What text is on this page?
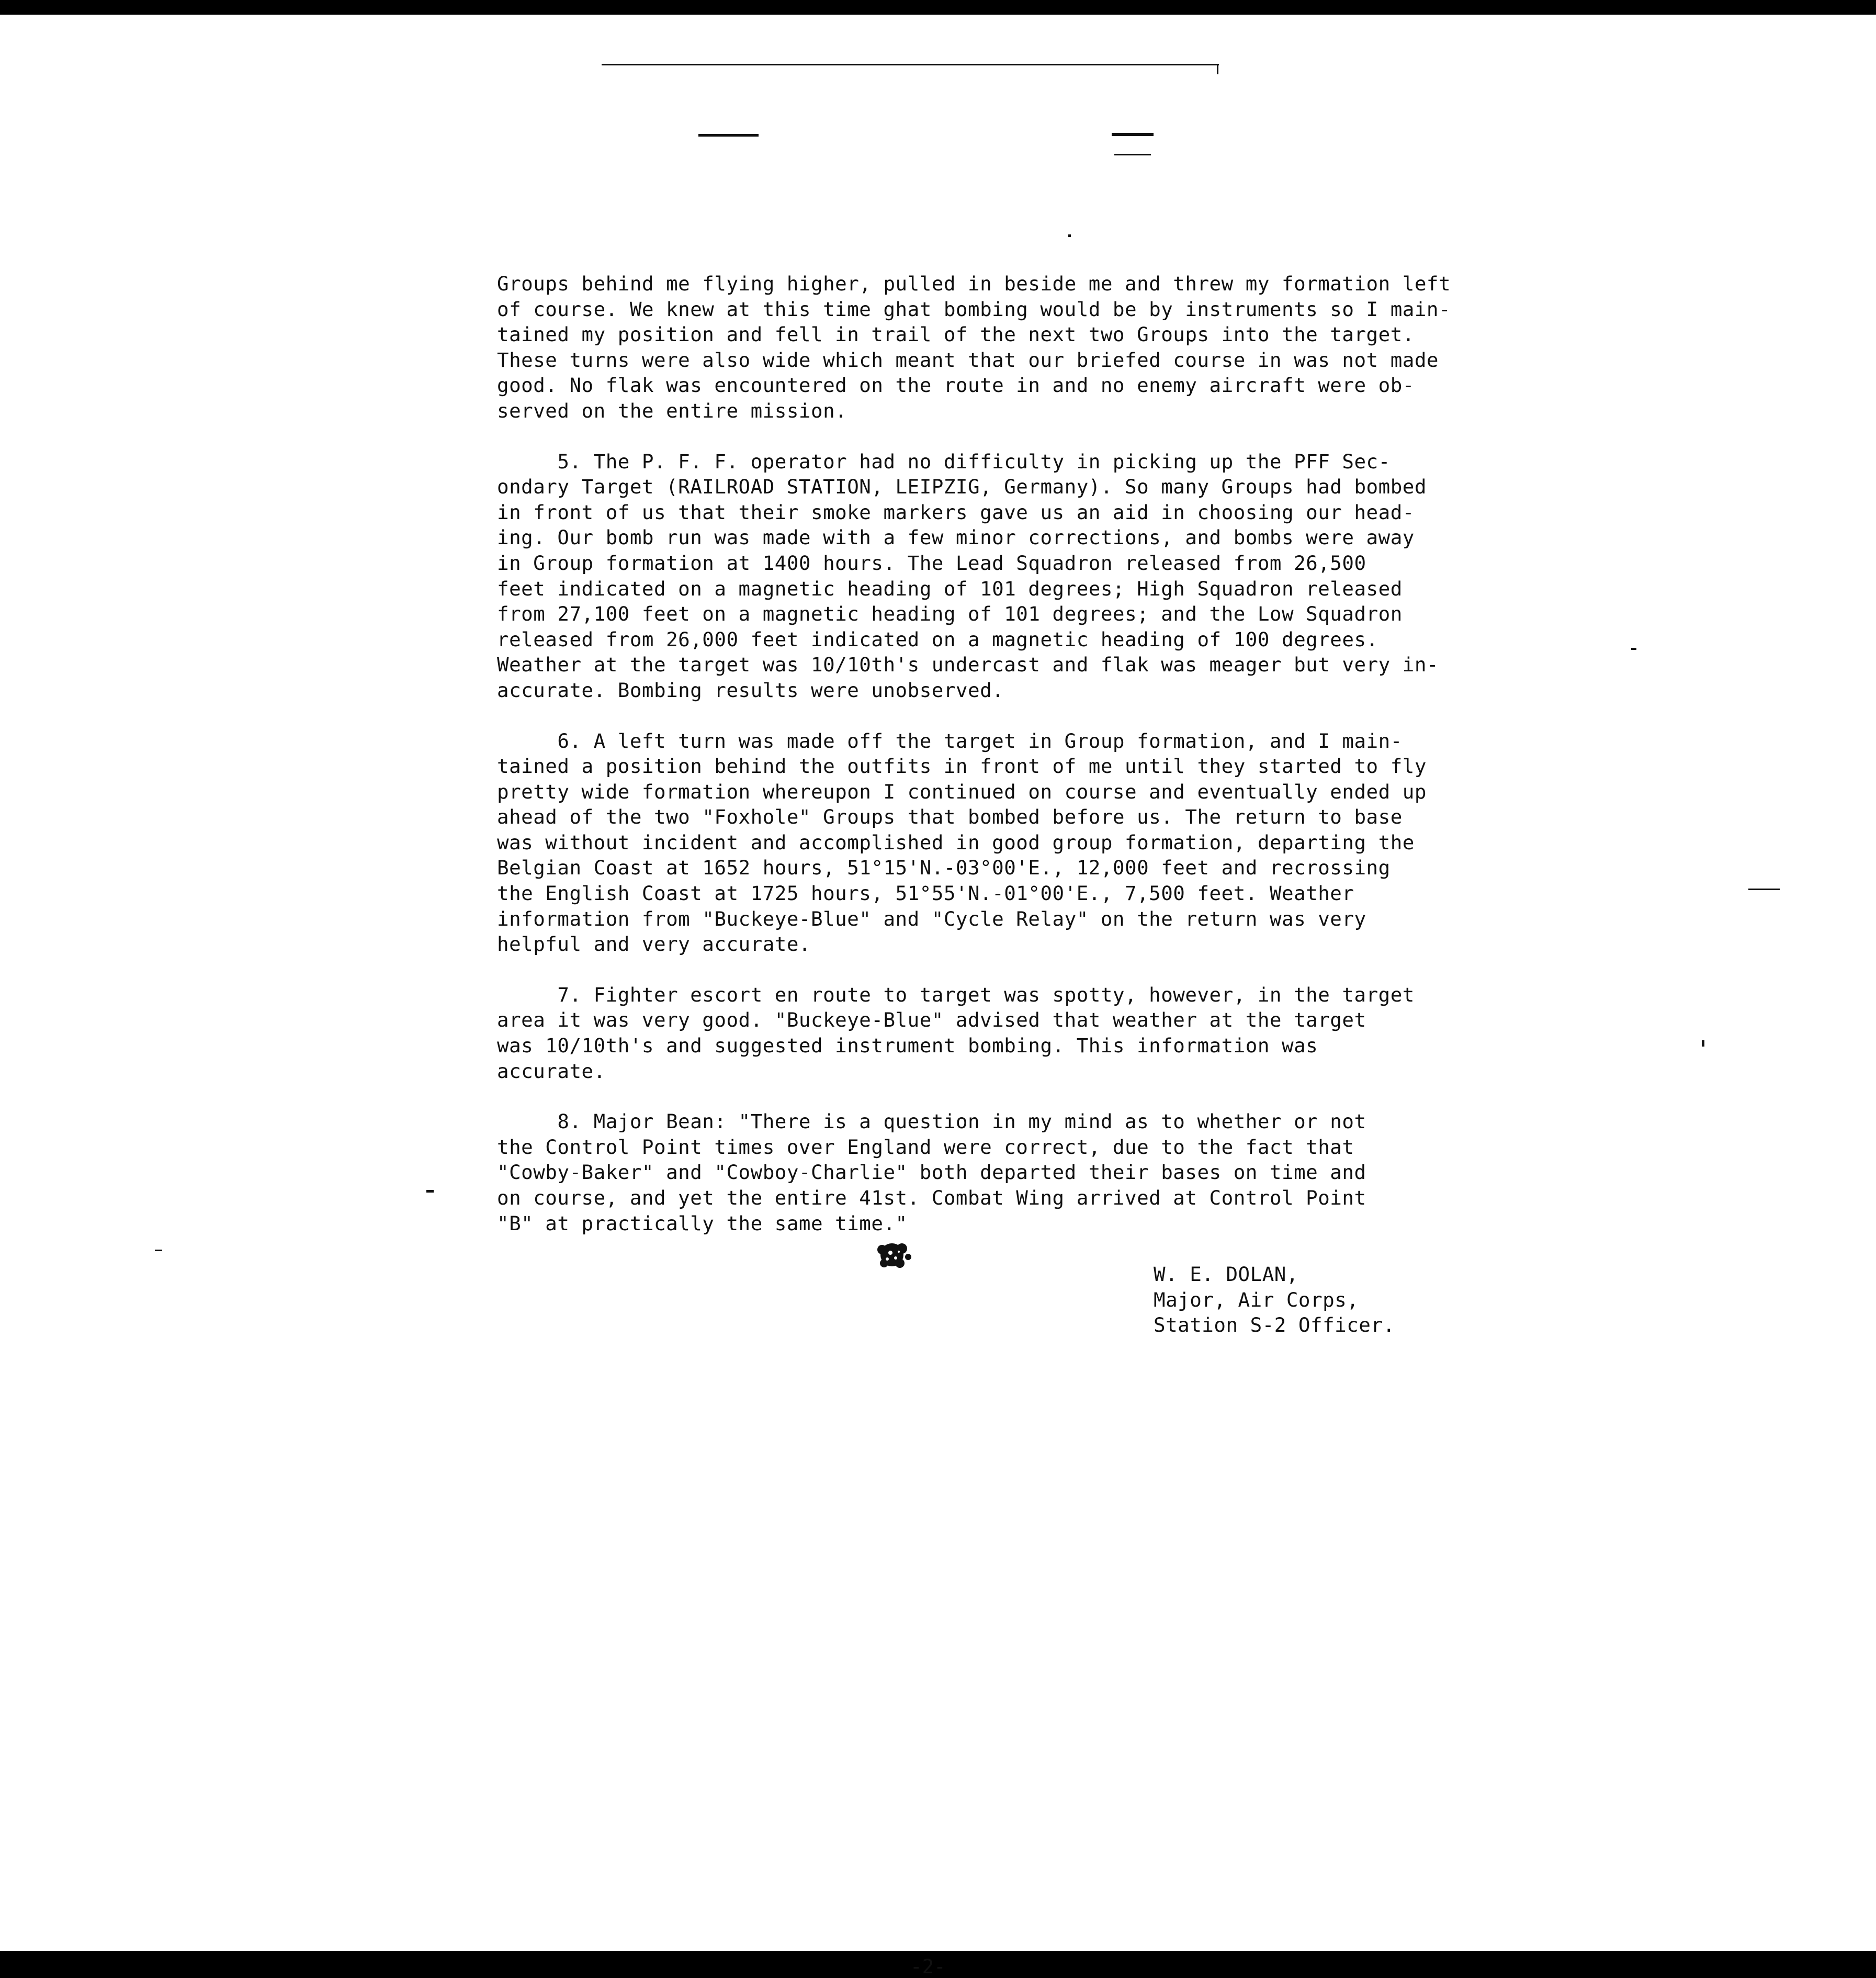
Groups behind me flying higher, pulled in beside me and threw my formation left
of course. We knew at this time ghat bombing would be by instruments so I main-
tained my position and fell in trail of the next two Groups into the target.
These turns were also wide which meant that our briefed course in was not made
good. No flak was encountered on the route in and no enemy aircraft were ob-
served on the entire mission.
5. The P. F. F. operator had no difficulty in picking up the PFF Sec-
ondary Target (RAILROAD STATION, LEIPZIG, Germany). So many Groups had bombed
in front of us that their smoke markers gave us an aid in choosing our head-
ing. Our bomb run was made with a few minor corrections, and bombs were away
in Group formation at 1400 hours. The Lead Squadron released from 26,500
feet indicated on a magnetic heading of 101 degrees; High Squadron released
from 27,100 feet on a magnetic heading of 101 degrees; and the Low Squadron
released from 26,000 feet indicated on a magnetic heading of 100 degrees.
Weather at the target was 10/10th's undercast and flak was meager but very in-
accurate. Bombing results were unobserved.
6. A left turn was made off the target in Group formation, and I main-
tained a position behind the outfits in front of me until they started to fly
pretty wide formation whereupon I continued on course and eventually ended up
ahead of the two "Foxhole" Groups that bombed before us. The return to base
was without incident and accomplished in good group formation, departing the
Belgian Coast at 1652 hours, 51°15'N.-03°00'E., 12,000 feet and recrossing
the English Coast at 1725 hours, 51°55'N.-01°00'E., 7,500 feet. Weather
information from "Buckeye-Blue" and "Cycle Relay" on the return was very
helpful and very accurate.
7. Fighter escort en route to target was spotty, however, in the target
area it was very good. "Buckeye-Blue" advised that weather at the target
was 10/10th's and suggested instrument bombing. This information was
accurate.
8. Major Bean: "There is a question in my mind as to whether or not
the Control Point times over England were correct, due to the fact that
"Cowby-Baker" and "Cowboy-Charlie" both departed their bases on time and
on course, and yet the entire 41st. Combat Wing arrived at Control Point
"B" at practically the same time."
W. E. DOLAN,
Major, Air Corps,
Station S-2 Officer.
-2-
